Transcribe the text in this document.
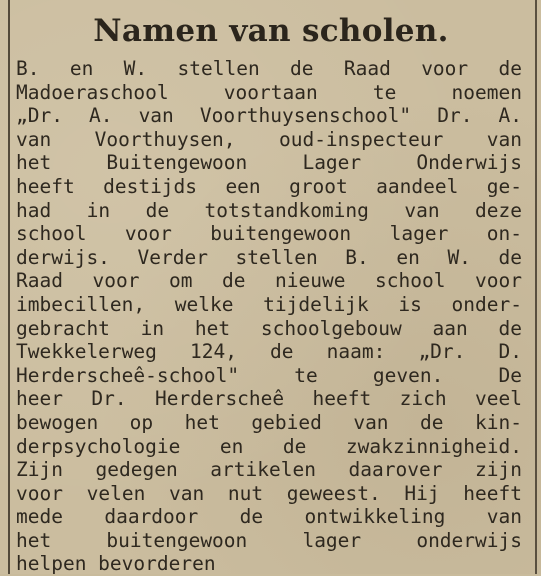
Namen van scholen.
B. en W. stellen de Raad voor de
Madoeraschool voortaan te noemen
„Dr. A. van Voorthuysenschool" Dr. A.
van Voorthuysen, oud-inspecteur van
het Buitengewoon Lager Onderwijs
heeft destijds een groot aandeel ge-
had in de totstandkoming van deze
school voor buitengewoon lager on-
derwijs. Verder stellen B. en W. de
Raad voor om de nieuwe school voor
imbecillen, welke tijdelijk is onder-
gebracht in het schoolgebouw aan de
Twekkelerweg 124, de naam: „Dr. D.
Herderscheê-school" te geven. De
heer Dr. Herderscheê heeft zich veel
bewogen op het gebied van de kin-
derpsychologie en de zwakzinnigheid.
Zijn gedegen artikelen daarover zijn
voor velen van nut geweest. Hij heeft
mede daardoor de ontwikkeling van
het buitengewoon lager onderwijs
helpen bevorderen
